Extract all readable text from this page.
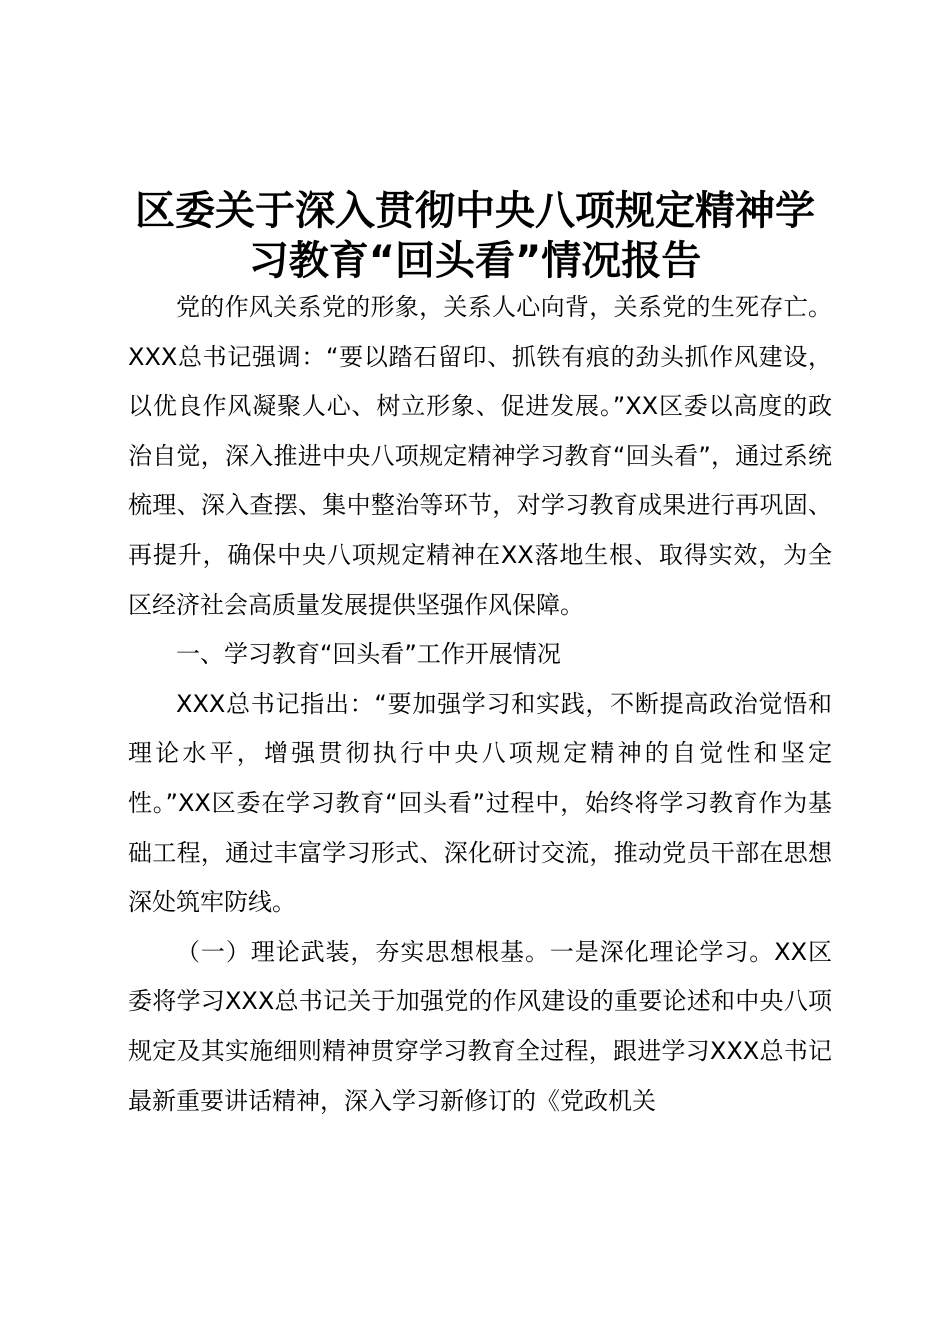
区委关于深入贯彻中央八项规定精神学
习教育“回头看”情况报告

党的作风关系党的形象，关系人心向背，关系党的生死存亡。XXX总书记强调：“要以踏石留印、抓铁有痕的劲头抓作风建设，以优良作风凝聚人心、树立形象、促进发展。”XX区委以高度的政治自觉，深入推进中央八项规定精神学习教育“回头看”，通过系统梳理、深入查摆、集中整治等环节，对学习教育成果进行再巩固、再提升，确保中央八项规定精神在XX落地生根、取得实效，为全区经济社会高质量发展提供坚强作风保障。

一、学习教育“回头看”工作开展情况

XXX总书记指出：“要加强学习和实践，不断提高政治觉悟和理论水平，增强贯彻执行中央八项规定精神的自觉性和坚定性。”XX区委在学习教育“回头看”过程中，始终将学习教育作为基础工程，通过丰富学习形式、深化研讨交流，推动党员干部在思想深处筑牢防线。

（一）理论武装，夯实思想根基。一是深化理论学习。XX区委将学习XXX总书记关于加强党的作风建设的重要论述和中央八项规定及其实施细则精神贯穿学习教育全过程，跟进学习XXX总书记最新重要讲话精神，深入学习新修订的《党政机关
